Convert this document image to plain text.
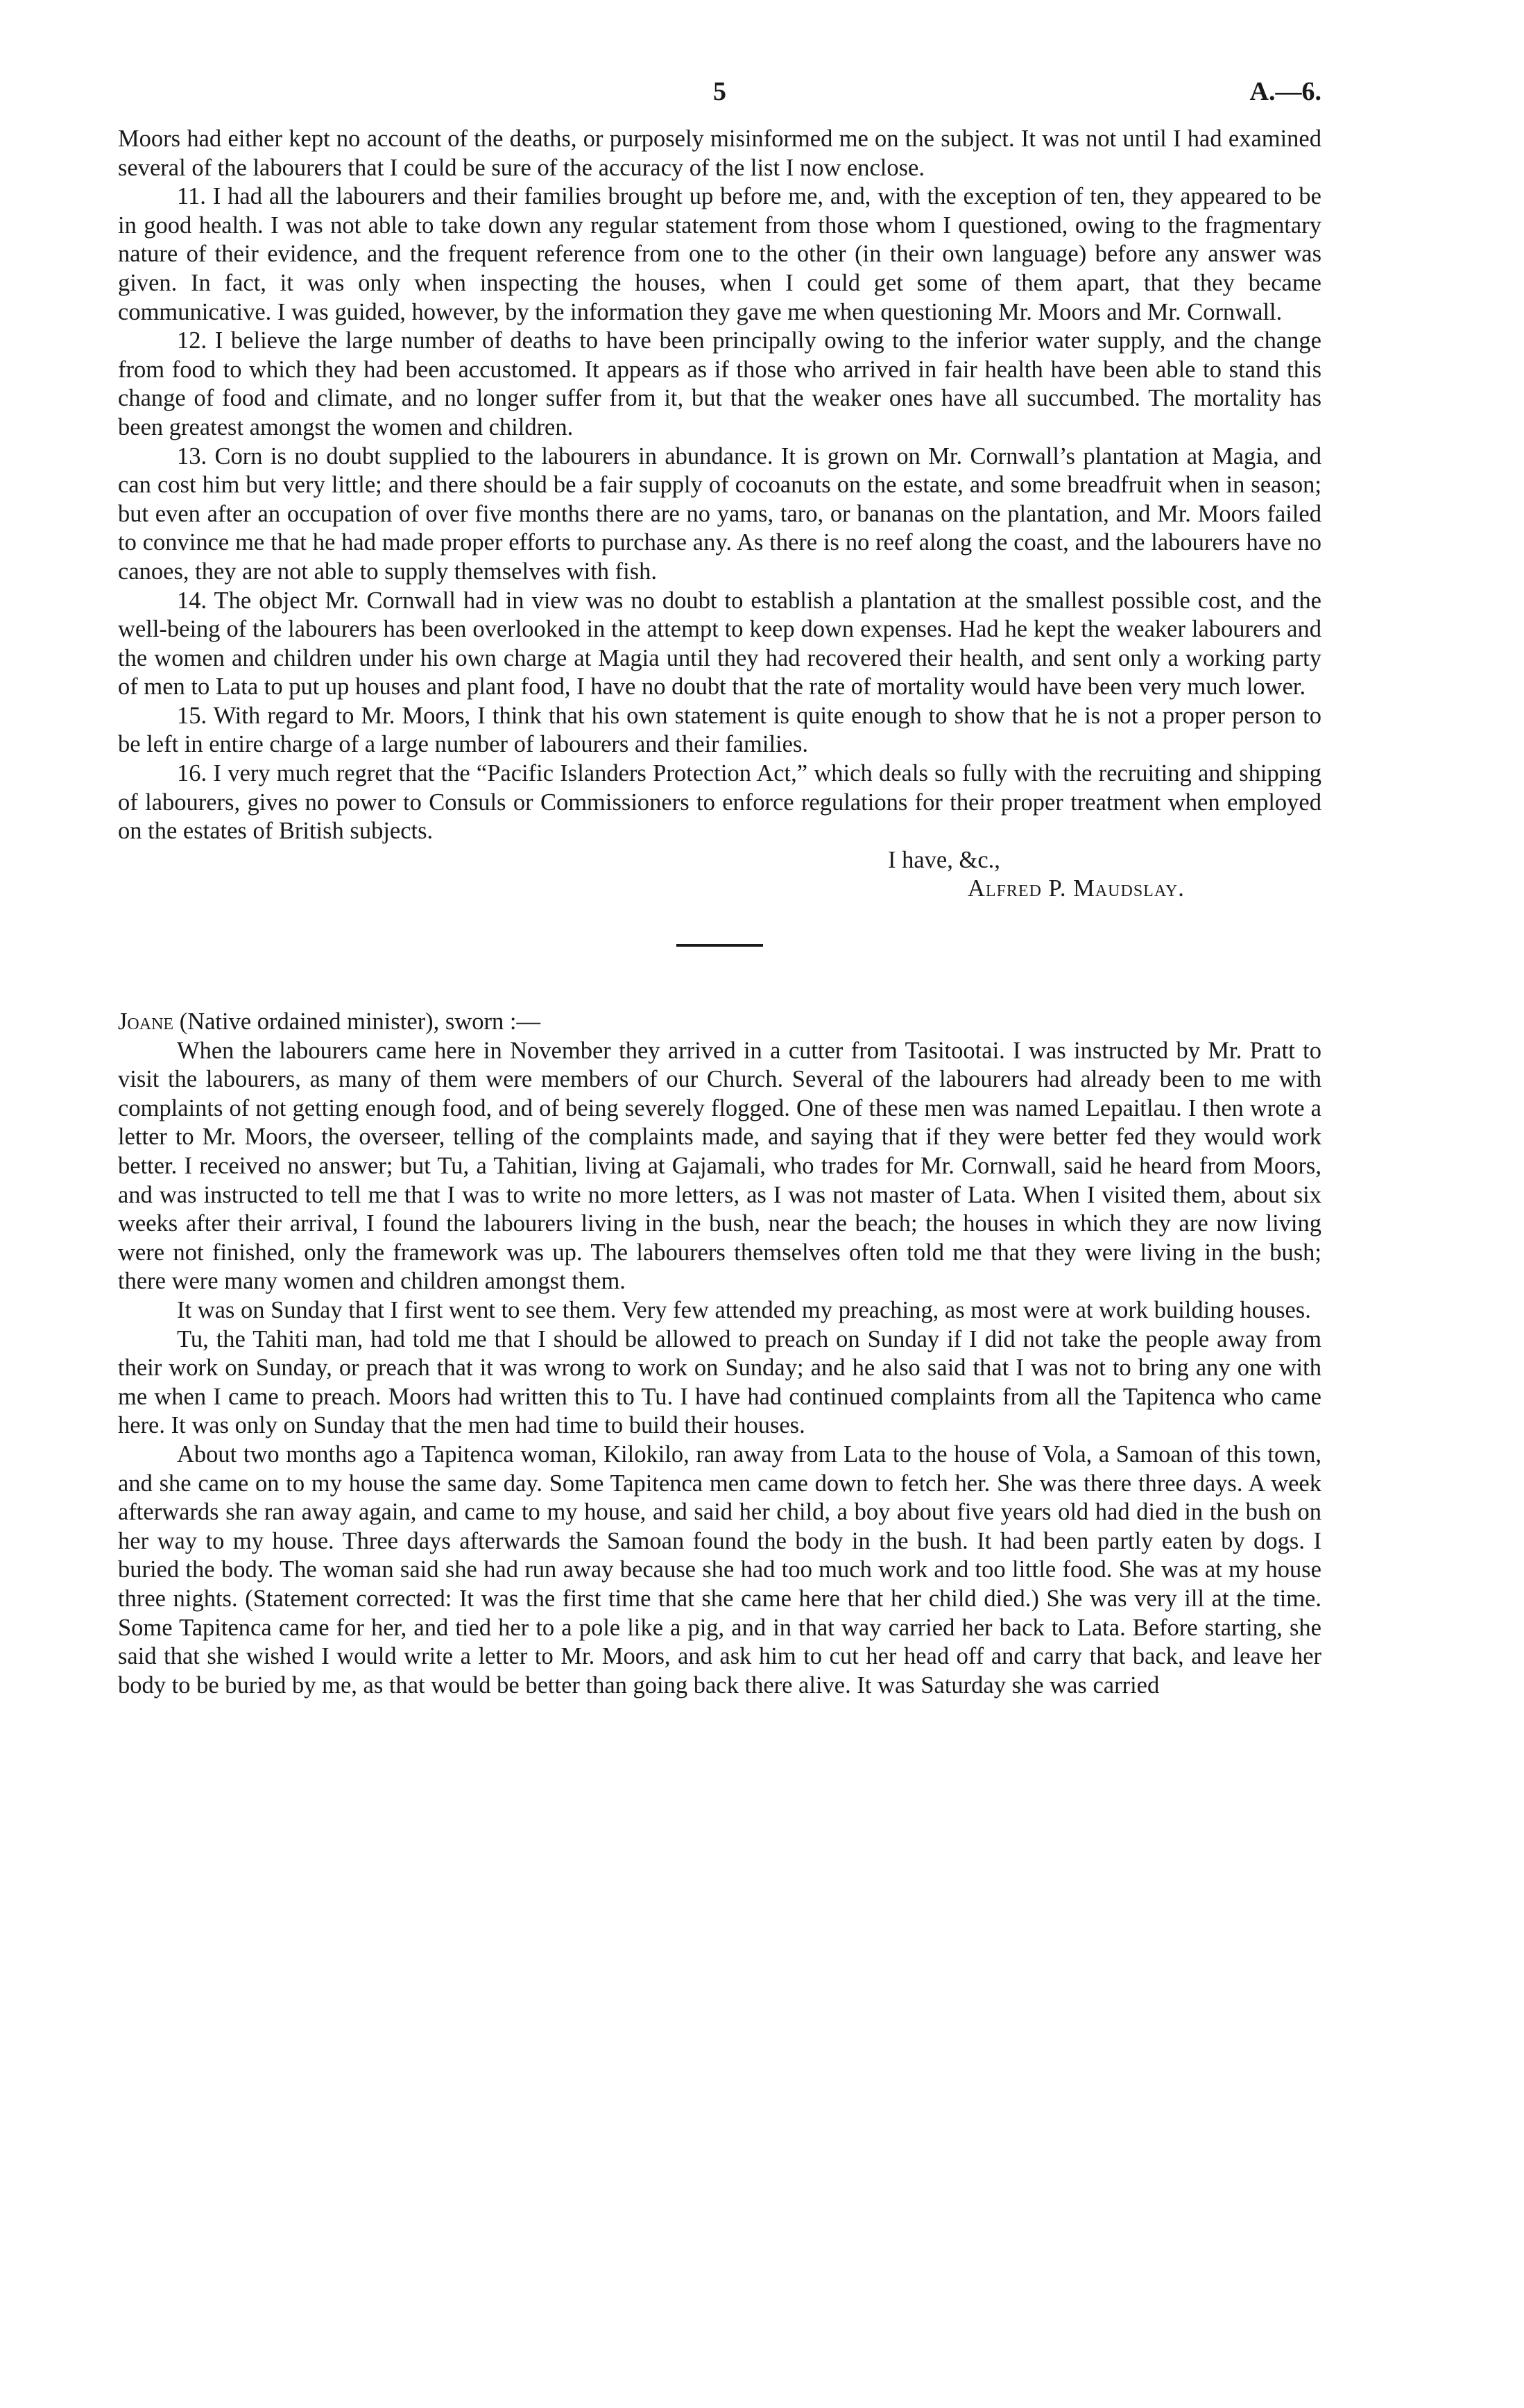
5	A.—6.

Moors had either kept no account of the deaths, or purposely misinformed me on the subject. It was not until I had examined several of the labourers that I could be sure of the accuracy of the list I now enclose.

11. I had all the labourers and their families brought up before me, and, with the exception of ten, they appeared to be in good health. I was not able to take down any regular statement from those whom I questioned, owing to the fragmentary nature of their evidence, and the frequent reference from one to the other (in their own language) before any answer was given. In fact, it was only when inspecting the houses, when I could get some of them apart, that they became communicative. I was guided, however, by the information they gave me when questioning Mr. Moors and Mr. Cornwall.

12. I believe the large number of deaths to have been principally owing to the inferior water supply, and the change from food to which they had been accustomed. It appears as if those who arrived in fair health have been able to stand this change of food and climate, and no longer suffer from it, but that the weaker ones have all succumbed. The mortality has been greatest amongst the women and children.

13. Corn is no doubt supplied to the labourers in abundance. It is grown on Mr. Cornwall’s plantation at Magia, and can cost him but very little; and there should be a fair supply of cocoanuts on the estate, and some breadfruit when in season; but even after an occupation of over five months there are no yams, taro, or bananas on the plantation, and Mr. Moors failed to convince me that he had made proper efforts to purchase any. As there is no reef along the coast, and the labourers have no canoes, they are not able to supply themselves with fish.

14. The object Mr. Cornwall had in view was no doubt to establish a plantation at the smallest possible cost, and the well-being of the labourers has been overlooked in the attempt to keep down expenses. Had he kept the weaker labourers and the women and children under his own charge at Magia until they had recovered their health, and sent only a working party of men to Lata to put up houses and plant food, I have no doubt that the rate of mortality would have been very much lower.

15. With regard to Mr. Moors, I think that his own statement is quite enough to show that he is not a proper person to be left in entire charge of a large number of labourers and their families.

16. I very much regret that the “Pacific Islanders Protection Act,” which deals so fully with the recruiting and shipping of labourers, gives no power to Consuls or Commissioners to enforce regulations for their proper treatment when employed on the estates of British subjects.

I have, &c.,
Alfred P. Maudslay.
Joane (Native ordained minister), sworn :—

When the labourers came here in November they arrived in a cutter from Tasitootai. I was instructed by Mr. Pratt to visit the labourers, as many of them were members of our Church. Several of the labourers had already been to me with complaints of not getting enough food, and of being severely flogged. One of these men was named Lepaitlau. I then wrote a letter to Mr. Moors, the overseer, telling of the complaints made, and saying that if they were better fed they would work better. I received no answer; but Tu, a Tahitian, living at Gajamali, who trades for Mr. Cornwall, said he heard from Moors, and was instructed to tell me that I was to write no more letters, as I was not master of Lata. When I visited them, about six weeks after their arrival, I found the labourers living in the bush, near the beach; the houses in which they are now living were not finished, only the framework was up. The labourers themselves often told me that they were living in the bush; there were many women and children amongst them.

It was on Sunday that I first went to see them. Very few attended my preaching, as most were at work building houses.

Tu, the Tahiti man, had told me that I should be allowed to preach on Sunday if I did not take the people away from their work on Sunday, or preach that it was wrong to work on Sunday; and he also said that I was not to bring any one with me when I came to preach. Moors had written this to Tu. I have had continued complaints from all the Tapitenca who came here. It was only on Sunday that the men had time to build their houses.

About two months ago a Tapitenca woman, Kilokilo, ran away from Lata to the house of Vola, a Samoan of this town, and she came on to my house the same day. Some Tapitenca men came down to fetch her. She was there three days. A week afterwards she ran away again, and came to my house, and said her child, a boy about five years old had died in the bush on her way to my house. Three days afterwards the Samoan found the body in the bush. It had been partly eaten by dogs. I buried the body. The woman said she had run away because she had too much work and too little food. She was at my house three nights. (Statement corrected: It was the first time that she came here that her child died.) She was very ill at the time. Some Tapitenca came for her, and tied her to a pole like a pig, and in that way carried her back to Lata. Before starting, she said that she wished I would write a letter to Mr. Moors, and ask him to cut her head off and carry that back, and leave her body to be buried by me, as that would be better than going back there alive. It was Saturday she was carried
